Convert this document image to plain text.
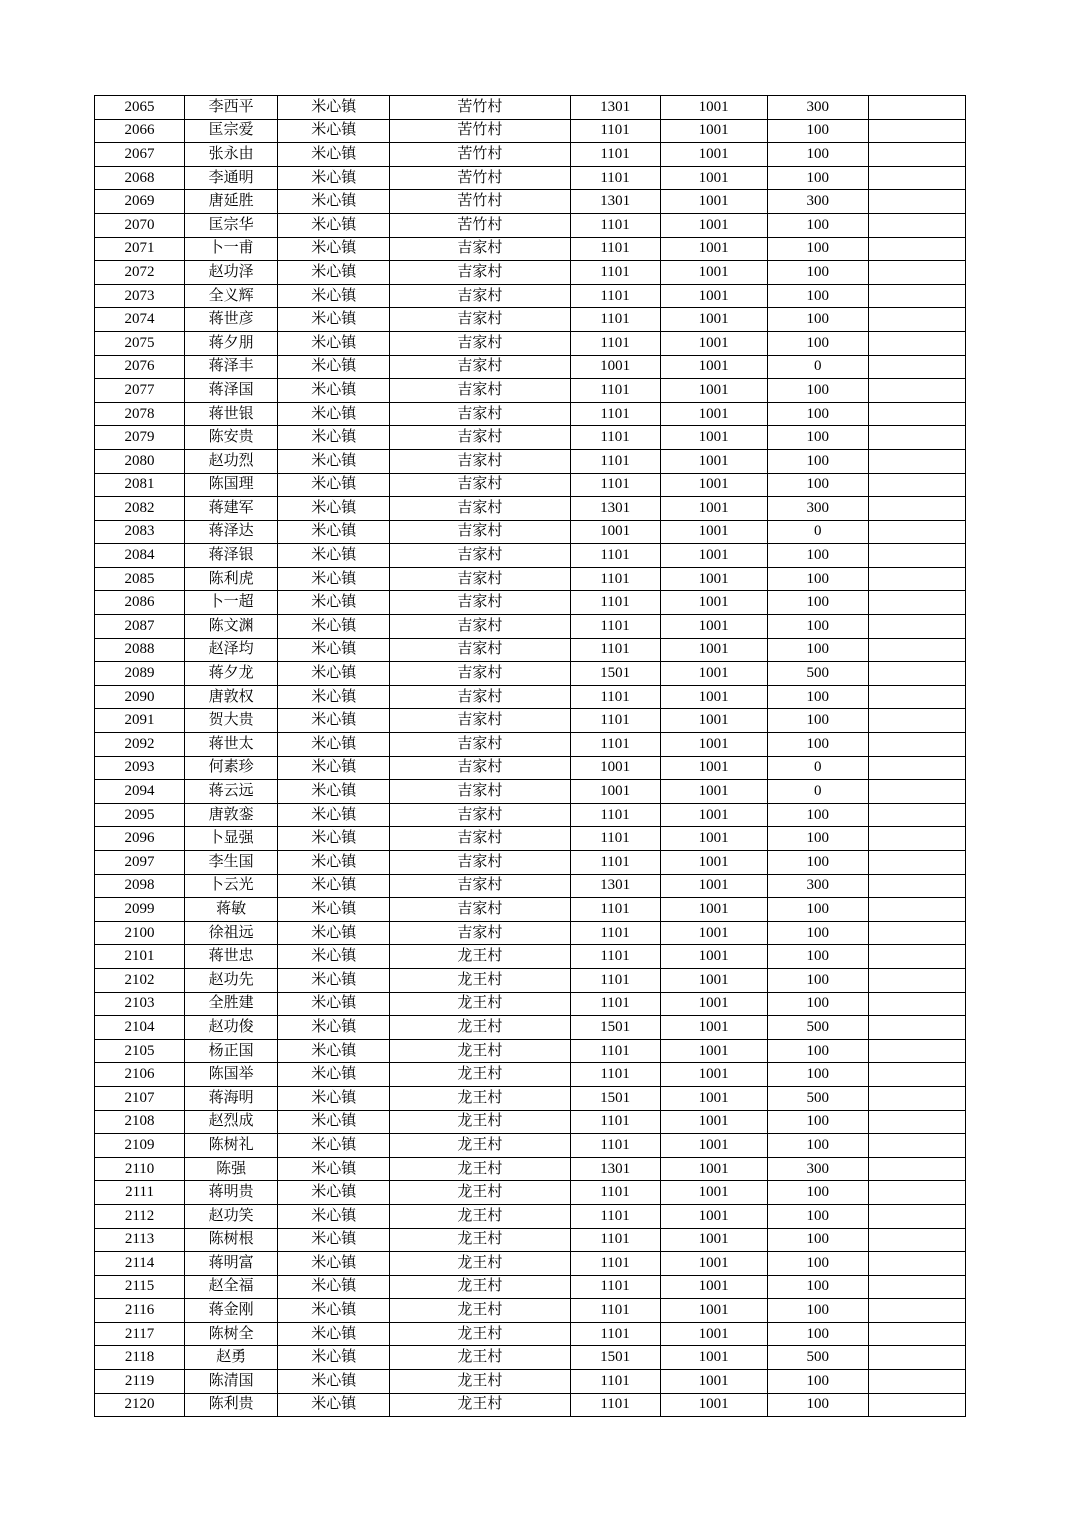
2065	李西平	米心镇	苦竹村	1301	1001	300	
2066	匡宗爱	米心镇	苦竹村	1101	1001	100	
2067	张永由	米心镇	苦竹村	1101	1001	100	
2068	李通明	米心镇	苦竹村	1101	1001	100	
2069	唐延胜	米心镇	苦竹村	1301	1001	300	
2070	匡宗华	米心镇	苦竹村	1101	1001	100	
2071	卜一甫	米心镇	吉家村	1101	1001	100	
2072	赵功泽	米心镇	吉家村	1101	1001	100	
2073	全义辉	米心镇	吉家村	1101	1001	100	
2074	蒋世彦	米心镇	吉家村	1101	1001	100	
2075	蒋夕朋	米心镇	吉家村	1101	1001	100	
2076	蒋泽丰	米心镇	吉家村	1001	1001	0	
2077	蒋泽国	米心镇	吉家村	1101	1001	100	
2078	蒋世银	米心镇	吉家村	1101	1001	100	
2079	陈安贵	米心镇	吉家村	1101	1001	100	
2080	赵功烈	米心镇	吉家村	1101	1001	100	
2081	陈国理	米心镇	吉家村	1101	1001	100	
2082	蒋建军	米心镇	吉家村	1301	1001	300	
2083	蒋泽达	米心镇	吉家村	1001	1001	0	
2084	蒋泽银	米心镇	吉家村	1101	1001	100	
2085	陈利虎	米心镇	吉家村	1101	1001	100	
2086	卜一超	米心镇	吉家村	1101	1001	100	
2087	陈文渊	米心镇	吉家村	1101	1001	100	
2088	赵泽均	米心镇	吉家村	1101	1001	100	
2089	蒋夕龙	米心镇	吉家村	1501	1001	500	
2090	唐敦权	米心镇	吉家村	1101	1001	100	
2091	贺大贵	米心镇	吉家村	1101	1001	100	
2092	蒋世太	米心镇	吉家村	1101	1001	100	
2093	何素珍	米心镇	吉家村	1001	1001	0	
2094	蒋云远	米心镇	吉家村	1001	1001	0	
2095	唐敦銮	米心镇	吉家村	1101	1001	100	
2096	卜显强	米心镇	吉家村	1101	1001	100	
2097	李生国	米心镇	吉家村	1101	1001	100	
2098	卜云光	米心镇	吉家村	1301	1001	300	
2099	蒋敏	米心镇	吉家村	1101	1001	100	
2100	徐祖远	米心镇	吉家村	1101	1001	100	
2101	蒋世忠	米心镇	龙王村	1101	1001	100	
2102	赵功先	米心镇	龙王村	1101	1001	100	
2103	全胜建	米心镇	龙王村	1101	1001	100	
2104	赵功俊	米心镇	龙王村	1501	1001	500	
2105	杨正国	米心镇	龙王村	1101	1001	100	
2106	陈国举	米心镇	龙王村	1101	1001	100	
2107	蒋海明	米心镇	龙王村	1501	1001	500	
2108	赵烈成	米心镇	龙王村	1101	1001	100	
2109	陈树礼	米心镇	龙王村	1101	1001	100	
2110	陈强	米心镇	龙王村	1301	1001	300	
2111	蒋明贵	米心镇	龙王村	1101	1001	100	
2112	赵功笑	米心镇	龙王村	1101	1001	100	
2113	陈树根	米心镇	龙王村	1101	1001	100	
2114	蒋明富	米心镇	龙王村	1101	1001	100	
2115	赵全福	米心镇	龙王村	1101	1001	100	
2116	蒋金刚	米心镇	龙王村	1101	1001	100	
2117	陈树全	米心镇	龙王村	1101	1001	100	
2118	赵勇	米心镇	龙王村	1501	1001	500	
2119	陈清国	米心镇	龙王村	1101	1001	100	
2120	陈利贵	米心镇	龙王村	1101	1001	100	
